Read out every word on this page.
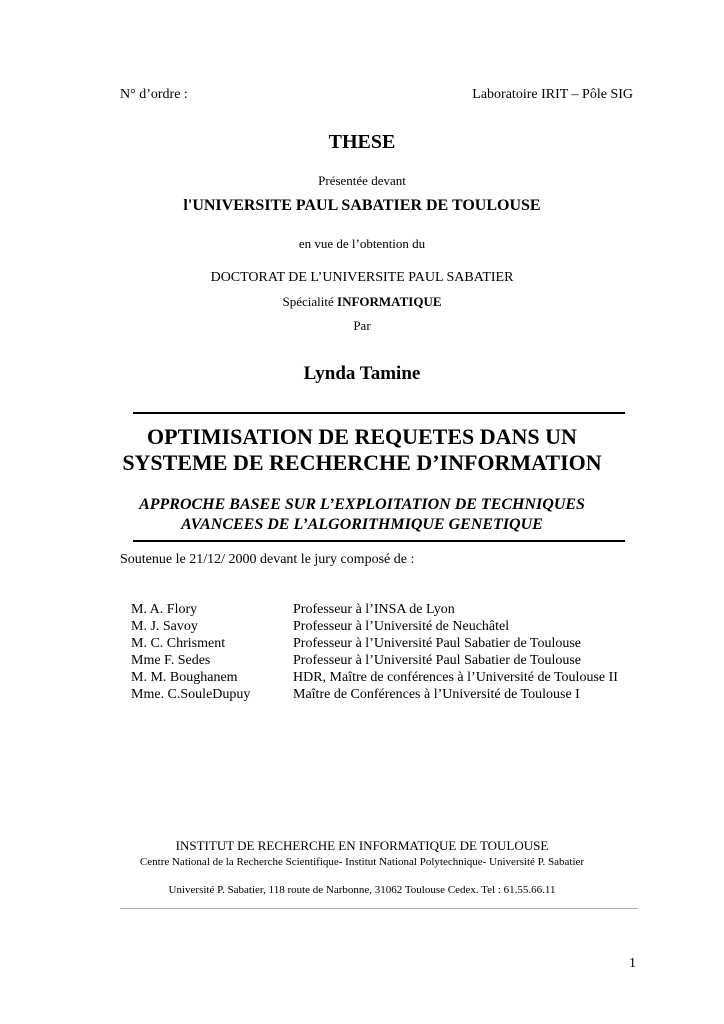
N° d’ordre :	Laboratoire IRIT – Pôle SIG
THESE
Présentée devant
l'UNIVERSITE PAUL SABATIER DE TOULOUSE
en vue de l’obtention du
DOCTORAT DE L’UNIVERSITE PAUL SABATIER
Spécialité INFORMATIQUE
Par
Lynda Tamine
OPTIMISATION DE REQUETES DANS UN
SYSTEME DE RECHERCHE D’INFORMATION
APPROCHE BASEE SUR L’EXPLOITATION DE TECHNIQUES
AVANCEES DE L’ALGORITHMIQUE GENETIQUE
Soutenue le 21/12/ 2000 devant le jury composé de :
M. A. Flory	Professeur à l’INSA de Lyon
M. J. Savoy	Professeur à l’Université de Neuchâtel
M. C. Chrisment	Professeur à l’Université Paul Sabatier de Toulouse
Mme F. Sedes	Professeur à l’Université Paul Sabatier de Toulouse
M. M. Boughanem	HDR, Maître de conférences à l’Université de Toulouse II
Mme. C.SouleDupuy	Maître de Conférences à l’Université de Toulouse I
INSTITUT DE RECHERCHE EN INFORMATIQUE DE TOULOUSE
Centre National de la Recherche Scientifique- Institut National Polytechnique- Université P. Sabatier
Université P. Sabatier, 118 route de Narbonne, 31062 Toulouse Cedex. Tel : 61.55.66.11
1
